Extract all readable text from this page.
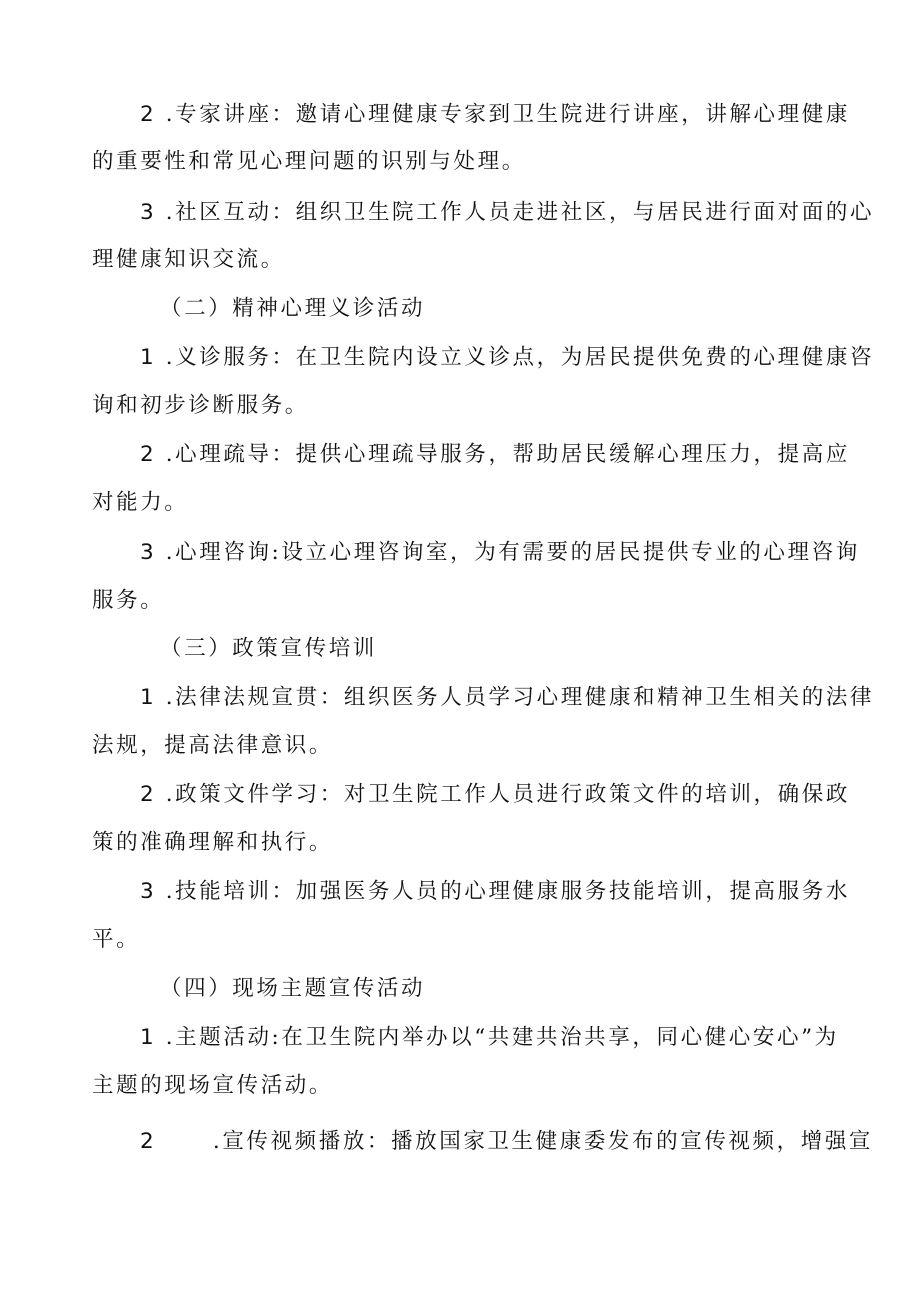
2 .专家讲座：邀请心理健康专家到卫生院进行讲座，讲解心理健康
的重要性和常见心理问题的识别与处理。
3 .社区互动：组织卫生院工作人员走进社区，与居民进行面对面的心
理健康知识交流。
（二）精神心理义诊活动
1 .义诊服务：在卫生院内设立义诊点，为居民提供免费的心理健康咨
询和初步诊断服务。
2 .心理疏导：提供心理疏导服务，帮助居民缓解心理压力，提高应
对能力。
3 .心理咨询:设立心理咨询室，为有需要的居民提供专业的心理咨询
服务。
（三）政策宣传培训
1 .法律法规宣贯：组织医务人员学习心理健康和精神卫生相关的法律
法规，提高法律意识。
2 .政策文件学习：对卫生院工作人员进行政策文件的培训，确保政
策的准确理解和执行。
3 .技能培训：加强医务人员的心理健康服务技能培训，提高服务水
平。
（四）现场主题宣传活动
1 .主题活动:在卫生院内举办以“共建共治共享，同心健心安心”为
主题的现场宣传活动。
2      .宣传视频播放：播放国家卫生健康委发布的宣传视频，增强宣
